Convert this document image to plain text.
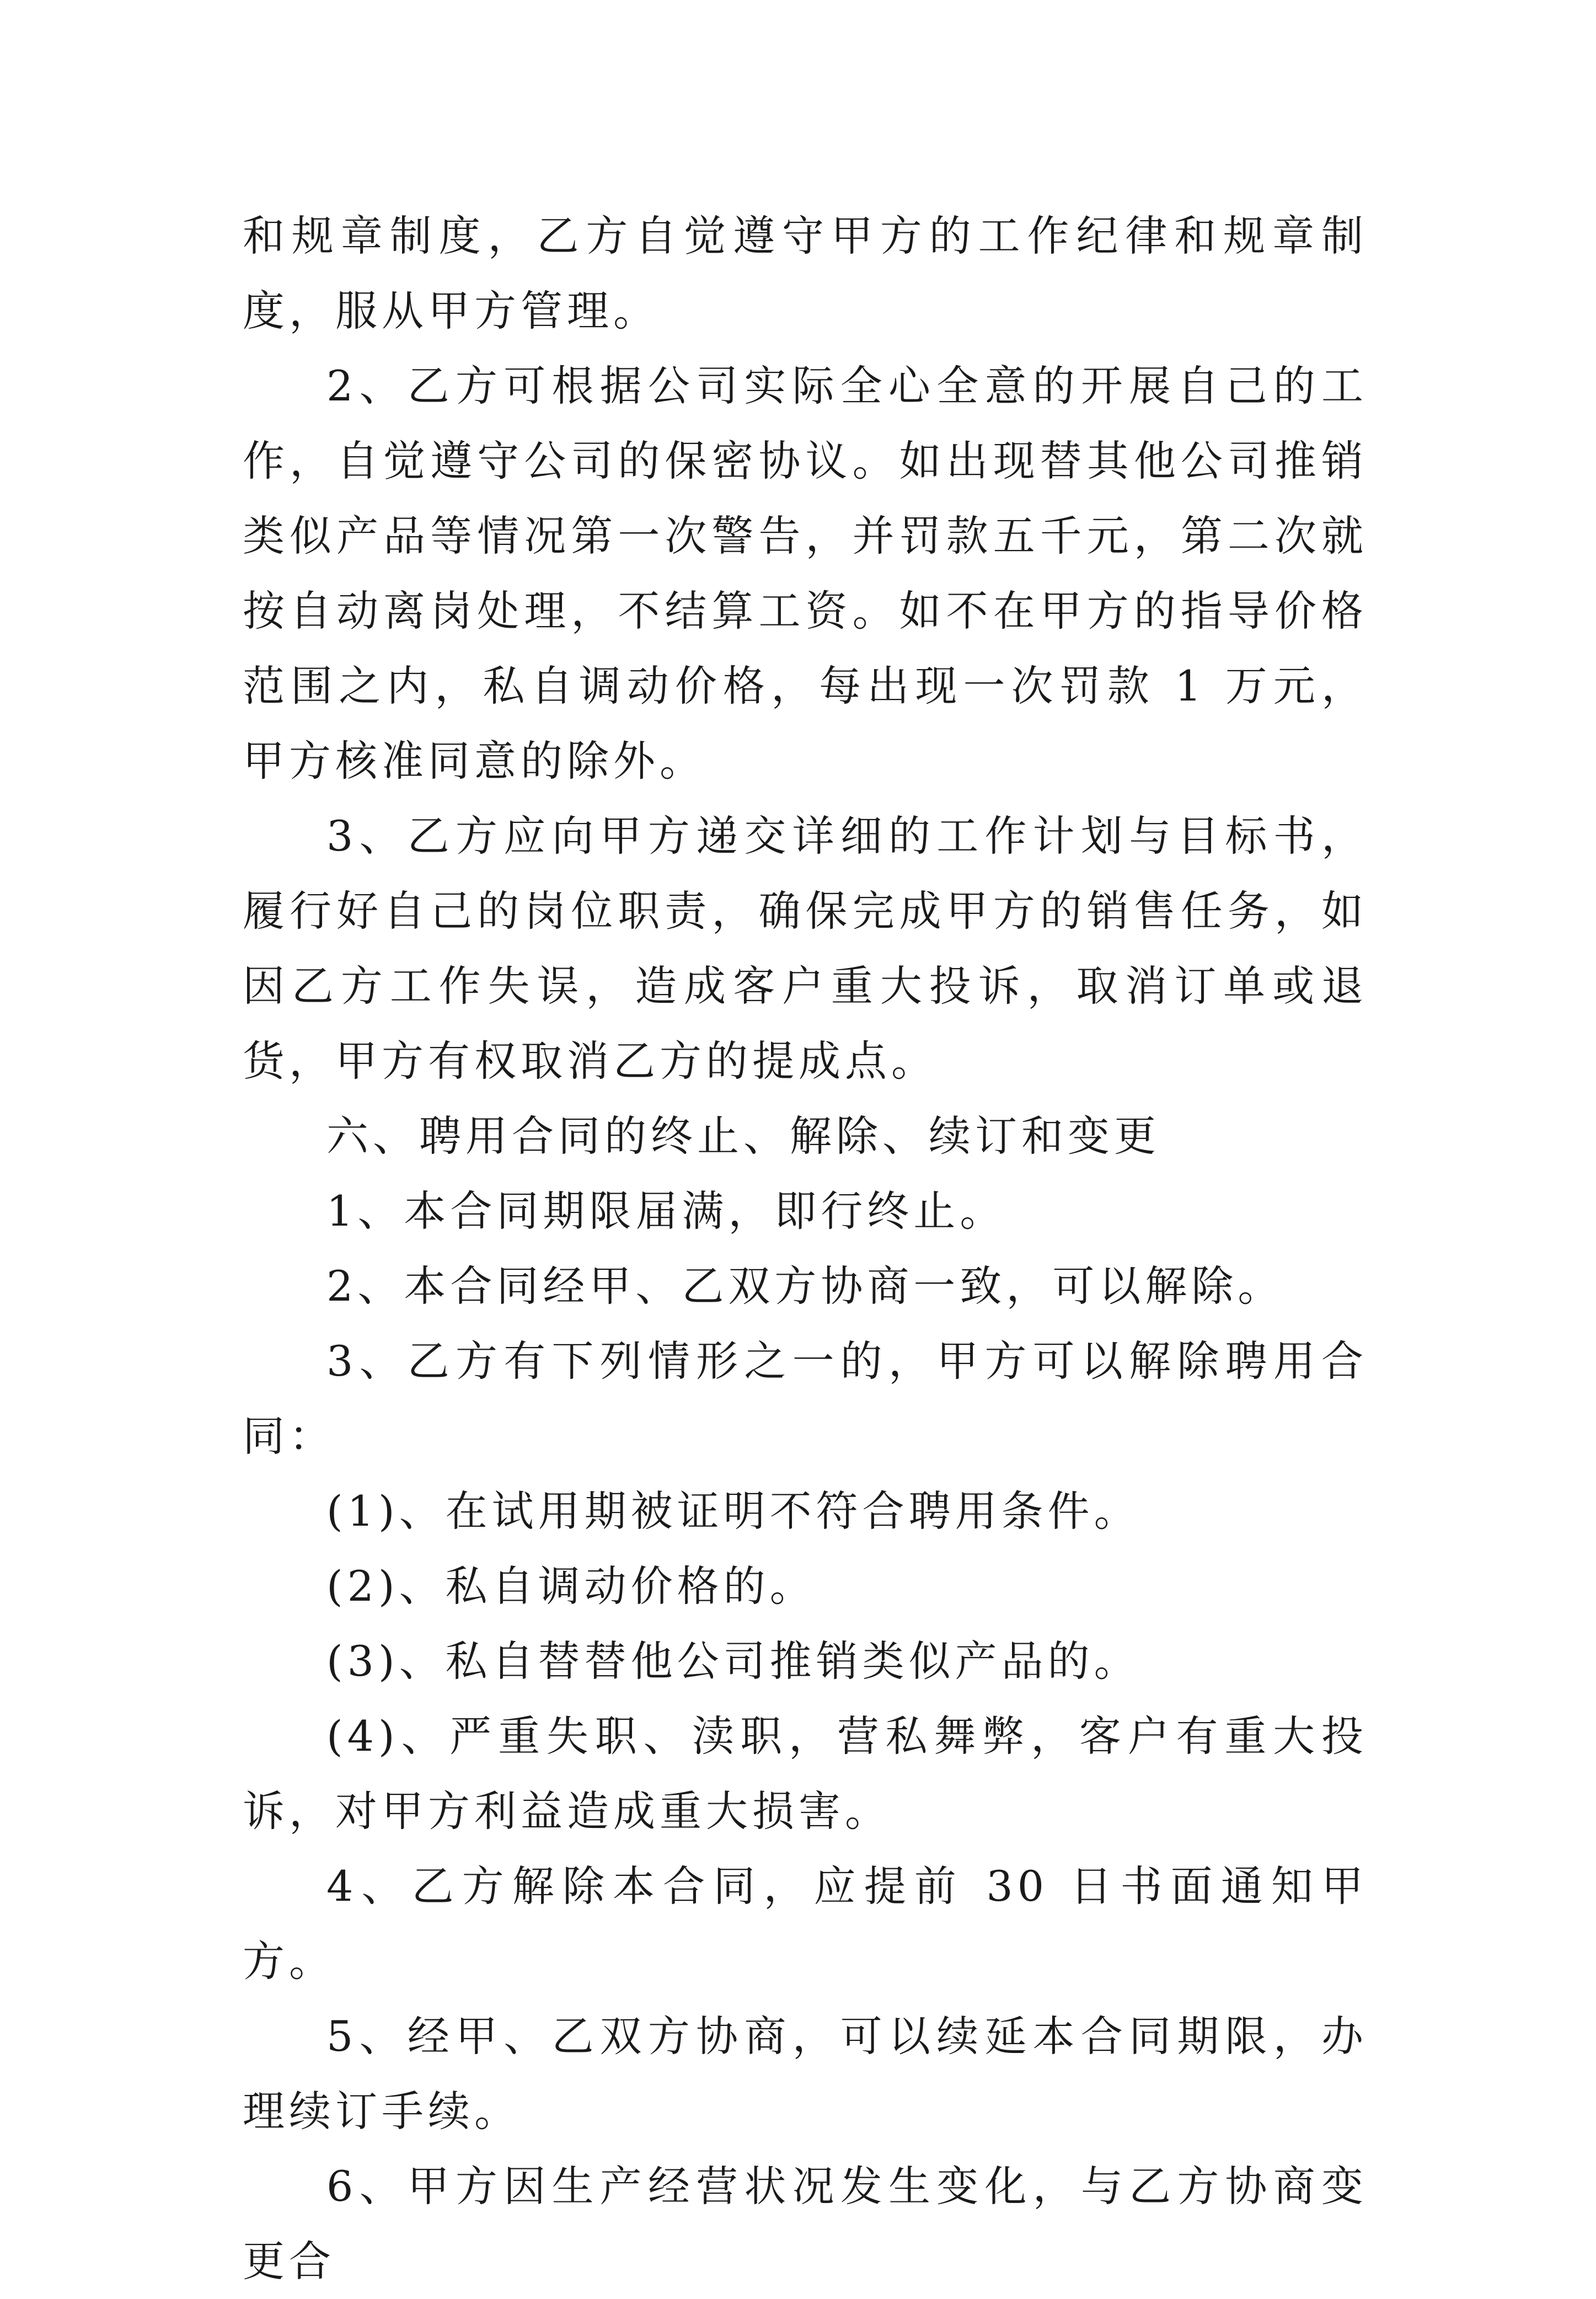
和规章制度，乙方自觉遵守甲方的工作纪律和规章制度，服从甲方管理。

2、乙方可根据公司实际全心全意的开展自己的工作，自觉遵守公司的保密协议。如出现替其他公司推销类似产品等情况第一次警告，并罚款五千元，第二次就按自动离岗处理，不结算工资。如不在甲方的指导价格范围之内，私自调动价格，每出现一次罚款 1 万元，甲方核准同意的除外。

3、乙方应向甲方递交详细的工作计划与目标书，履行好自己的岗位职责，确保完成甲方的销售任务，如因乙方工作失误，造成客户重大投诉，取消订单或退货，甲方有权取消乙方的提成点。

六、聘用合同的终止、解除、续订和变更

1、本合同期限届满，即行终止。

2、本合同经甲、乙双方协商一致，可以解除。

3、乙方有下列情形之一的，甲方可以解除聘用合同：

(1)、在试用期被证明不符合聘用条件。

(2)、私自调动价格的。

(3)、私自替替他公司推销类似产品的。

(4)、严重失职、渎职，营私舞弊，客户有重大投诉，对甲方利益造成重大损害。

4、乙方解除本合同，应提前 30 日书面通知甲方。

5、经甲、乙双方协商，可以续延本合同期限，办理续订手续。

6、甲方因生产经营状况发生变化，与乙方协商变更合
